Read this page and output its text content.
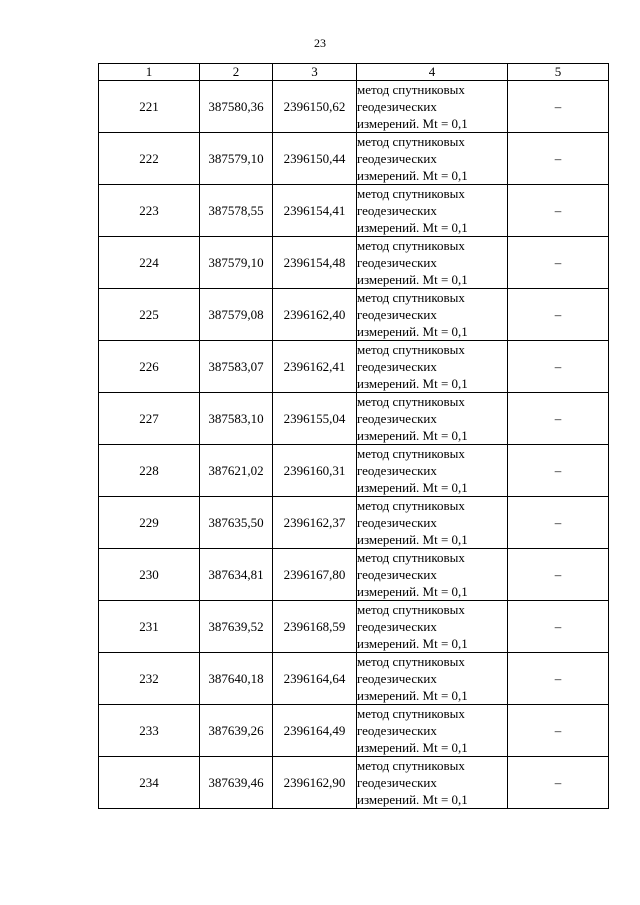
23
1	2	3	4	5
221	387580,36	2396150,62	метод спутниковых
геодезических
измерений. Mt = 0,1	–
222	387579,10	2396150,44	метод спутниковых
геодезических
измерений. Mt = 0,1	–
223	387578,55	2396154,41	метод спутниковых
геодезических
измерений. Mt = 0,1	–
224	387579,10	2396154,48	метод спутниковых
геодезических
измерений. Mt = 0,1	–
225	387579,08	2396162,40	метод спутниковых
геодезических
измерений. Mt = 0,1	–
226	387583,07	2396162,41	метод спутниковых
геодезических
измерений. Mt = 0,1	–
227	387583,10	2396155,04	метод спутниковых
геодезических
измерений. Mt = 0,1	–
228	387621,02	2396160,31	метод спутниковых
геодезических
измерений. Mt = 0,1	–
229	387635,50	2396162,37	метод спутниковых
геодезических
измерений. Mt = 0,1	–
230	387634,81	2396167,80	метод спутниковых
геодезических
измерений. Mt = 0,1	–
231	387639,52	2396168,59	метод спутниковых
геодезических
измерений. Mt = 0,1	–
232	387640,18	2396164,64	метод спутниковых
геодезических
измерений. Mt = 0,1	–
233	387639,26	2396164,49	метод спутниковых
геодезических
измерений. Mt = 0,1	–
234	387639,46	2396162,90	метод спутниковых
геодезических
измерений. Mt = 0,1	–
